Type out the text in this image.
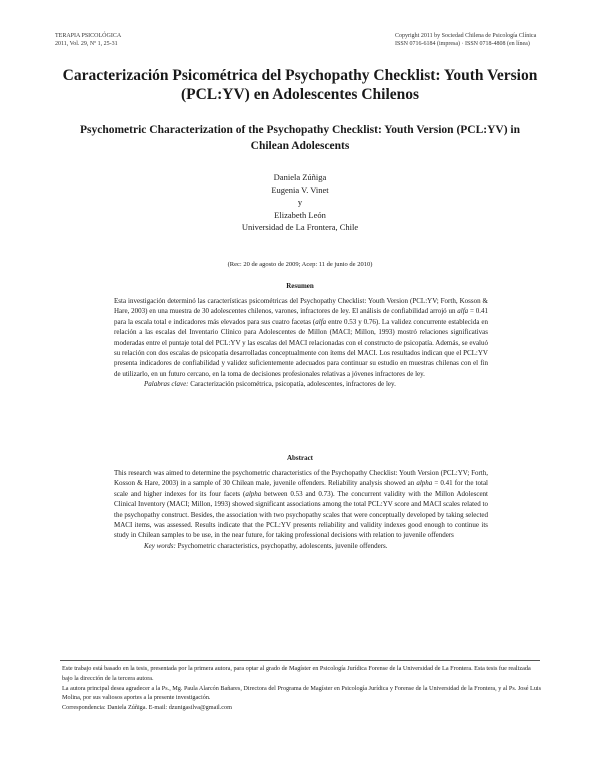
TERAPIA PSICOLÓGICA
2011, Vol. 29, Nº 1, 25-31
Copyright 2011 by Sociedad Chilena de Psicología Clínica
ISSN 0716-6184 (impresa) · ISSN 0718-4808 (en línea)
Caracterización Psicométrica del Psychopathy Checklist: Youth Version (PCL:YV) en Adolescentes Chilenos
Psychometric Characterization of the Psychopathy Checklist: Youth Version (PCL:YV) in Chilean Adolescents
Daniela Zúñiga
Eugenia V. Vinet
y
Elizabeth León
Universidad de La Frontera, Chile
(Rec: 20 de agosto de 2009; Acep: 11 de junio de 2010)
Resumen
Esta investigación determinó las características psicométricas del Psychopathy Checklist: Youth Version (PCL:YV; Forth, Kosson & Hare, 2003) en una muestra de 30 adolescentes chilenos, varones, infractores de ley. El análisis de confiabilidad arrojó un alfa = 0.41 para la escala total e indicadores más elevados para sus cuatro facetas (alfa entre 0.53 y 0.76). La validez concurrente establecida en relación a las escalas del Inventario Clínico para Adolescentes de Millon (MACI; Millon, 1993) mostró relaciones significativas moderadas entre el puntaje total del PCL:YV y las escalas del MACI relacionadas con el constructo de psicopatía. Además, se evaluó su relación con dos escalas de psicopatía desarrolladas conceptualmente con ítems del MACI. Los resultados indican que el PCL:YV presenta indicadores de confiabilidad y validez suficientemente adecuados para continuar su estudio en muestras chilenas con el fin de utilizarlo, en un futuro cercano, en la toma de decisiones profesionales relativas a jóvenes infractores de ley.
Palabras clave: Caracterización psicométrica, psicopatía, adolescentes, infractores de ley.
Abstract
This research was aimed to determine the psychometric characteristics of the Psychopathy Checklist: Youth Version (PCL:YV; Forth, Kosson & Hare, 2003) in a sample of 30 Chilean male, juvenile offenders. Reliability analysis showed an alpha = 0.41 for the total scale and higher indexes for its four facets (alpha between 0.53 and 0.73). The concurrent validity with the Millon Adolescent Clinical Inventory (MACI; Millon, 1993) showed significant associations among the total PCL:YV score and MACI scales related to the psychopathy construct. Besides, the association with two psychopathy scales that were conceptually developed by taking selected MACI items, was assessed. Results indicate that the PCL:YV presents reliability and validity indexes good enough to continue its study in Chilean samples to be use, in the near future, for taking professional decisions with relation to juvenile offenders
Key words: Psychometric characteristics, psychopathy, adolescents, juvenile offenders.

Este trabajo está basado en la tesis, presentada por la primera autora, para optar al grado de Magíster en Psicología Jurídica Forense de la Universidad de La Frontera. Esta tesis fue realizada bajo la dirección de la tercera autora.

La autora principal desea agradecer a la Ps., Mg. Paula Alarcón Bañares, Directora del Programa de Magíster en Psicología Jurídica y Forense de la Universidad de la Frontera, y al Ps. José Luis Molina, por sus valiosos aportes a la presente investigación.

Correspondencia: Daniela Zúñiga. E-mail: dzunigasilva@gmail.com
